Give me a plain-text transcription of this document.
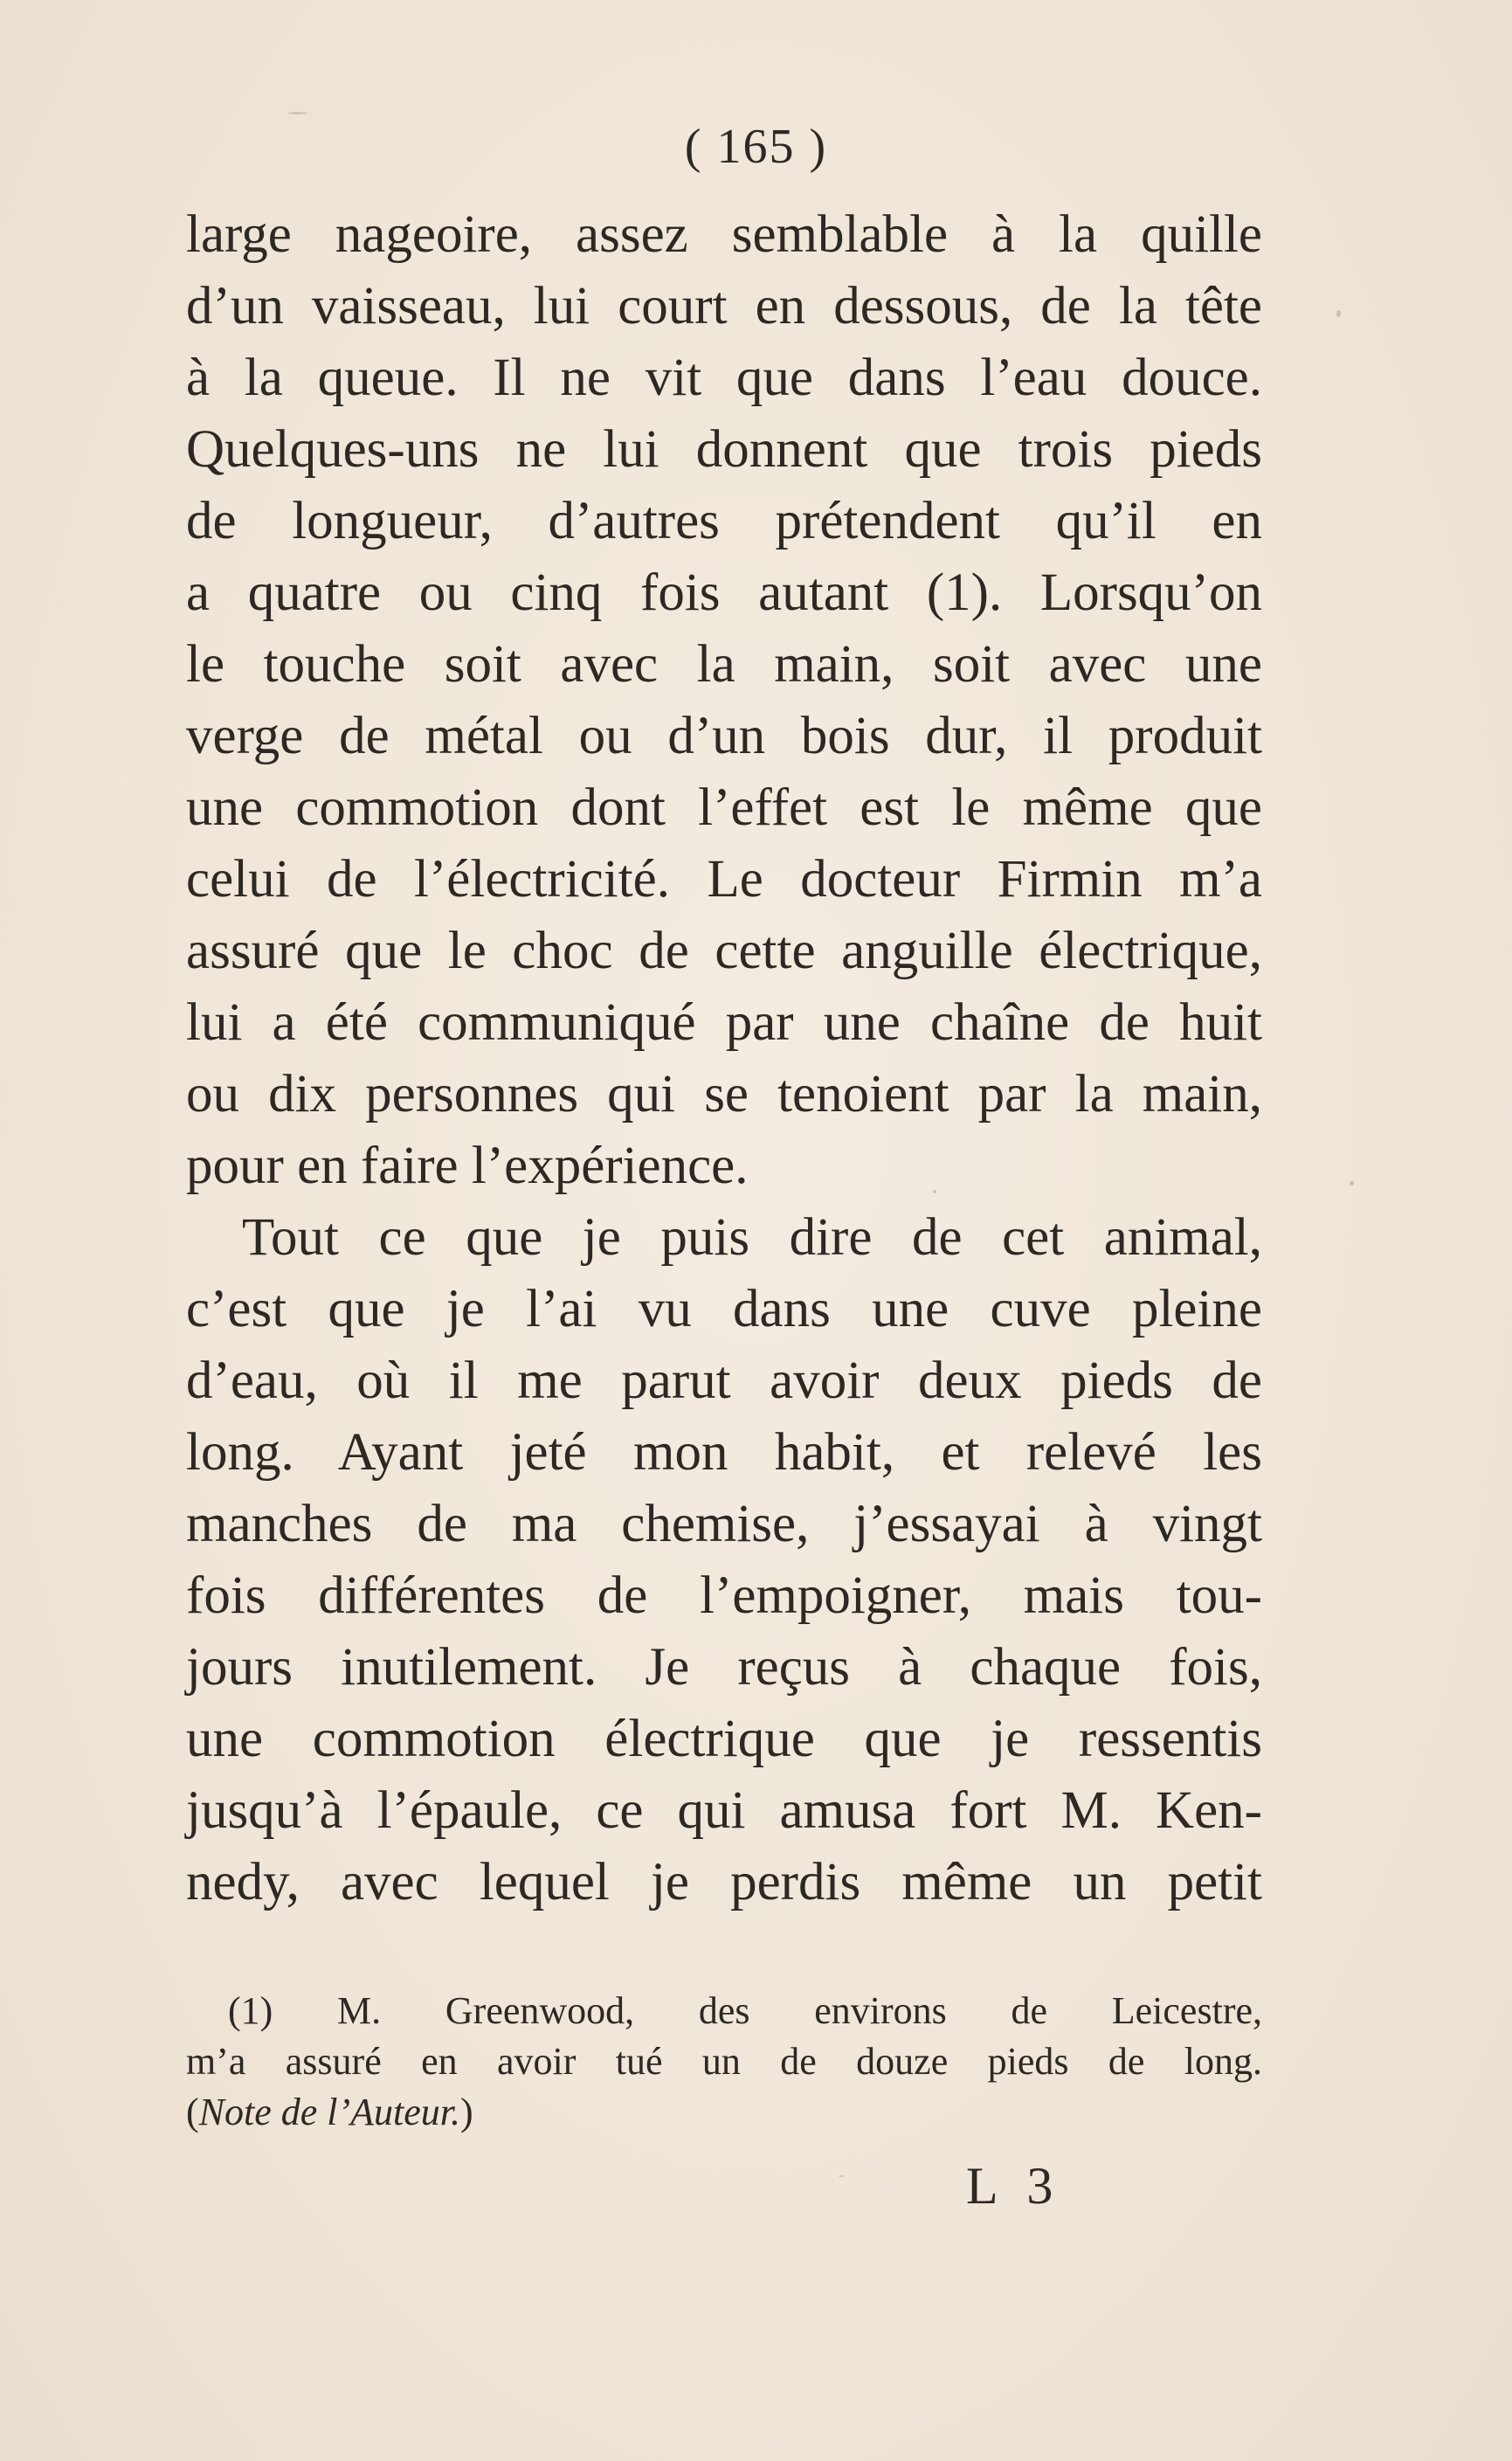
( 165 )
large nageoire, assez semblable à la quille
d’un vaisseau, lui court en dessous, de la tête
à la queue. Il ne vit que dans l’eau douce.
Quelques-uns ne lui donnent que trois pieds
de longueur, d’autres prétendent qu’il en
a quatre ou cinq fois autant (1). Lorsqu’on
le touche soit avec la main, soit avec une
verge de métal ou d’un bois dur, il produit
une commotion dont l’effet est le même que
celui de l’électricité. Le docteur Firmin m’a
assuré que le choc de cette anguille électrique,
lui a été communiqué par une chaîne de huit
ou dix personnes qui se tenoient par la main,
pour en faire l’expérience.
Tout ce que je puis dire de cet animal,
c’est que je l’ai vu dans une cuve pleine
d’eau, où il me parut avoir deux pieds de
long. Ayant jeté mon habit, et relevé les
manches de ma chemise, j’essayai à vingt
fois différentes de l’empoigner, mais tou-
jours inutilement. Je reçus à chaque fois,
une commotion électrique que je ressentis
jusqu’à l’épaule, ce qui amusa fort M. Ken-
nedy, avec lequel je perdis même un petit
(1) M. Greenwood, des environs de Leicestre,
m’a assuré en avoir tué un de douze pieds de long.
(Note de l’Auteur.)
L 3
